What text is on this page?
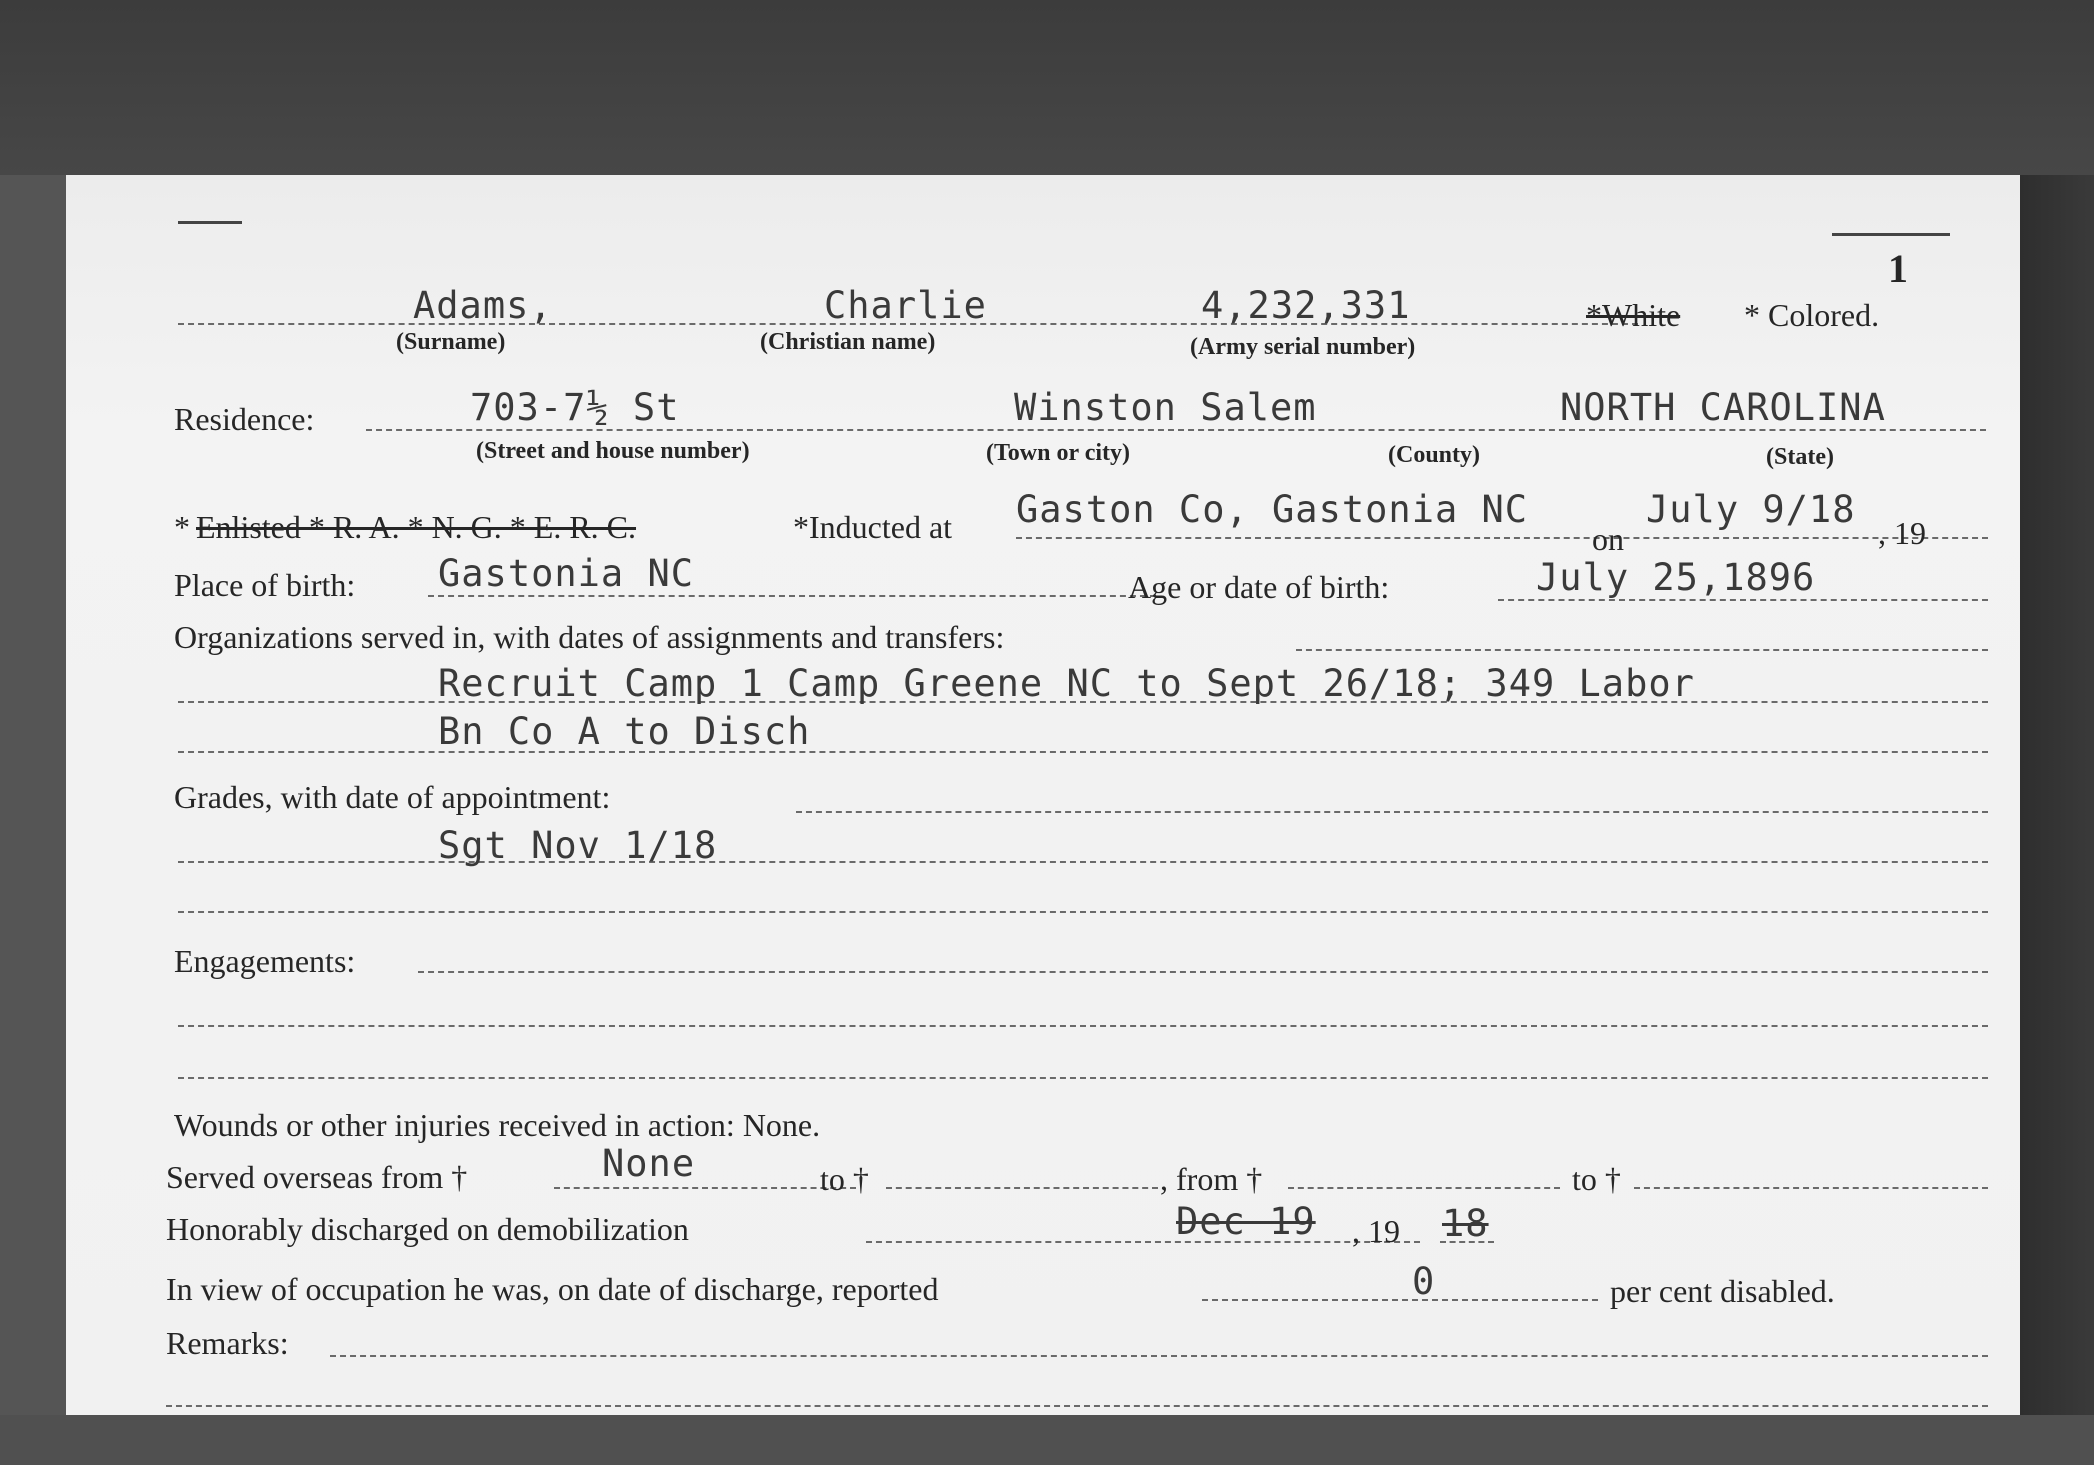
1
Adams,	Charlie	4,232,331	*White * Colored.
(Surname)	(Christian name)	(Army serial number)
Residence:	703-7½ St	Winston Salem	NORTH CAROLINA
(Street and house number)	(Town or city)	(County)	(State)
* Enlisted * R. A. * N. G. * E. R. C.	*Inducted at Gaston Co, Gastonia NC
on
July 9/18
, 19
Place of birth: Gastonia NC	Age or date of birth:	July 25,1896
Organizations served in, with dates of assignments and transfers:
Recruit Camp 1 Camp Greene NC to Sept 26/18; 349 Labor
Bn Co A to Disch
Grades, with date of appointment:
Sgt Nov 1/18
Engagements:
Wounds or other injuries received in action: None.
Served overseas from †	None	to †	, from †	to †
Honorably discharged on demobilization	Dec 19 , 19 18
In view of occupation he was, on date of discharge, reported	0	per cent disabled.
Remarks:
